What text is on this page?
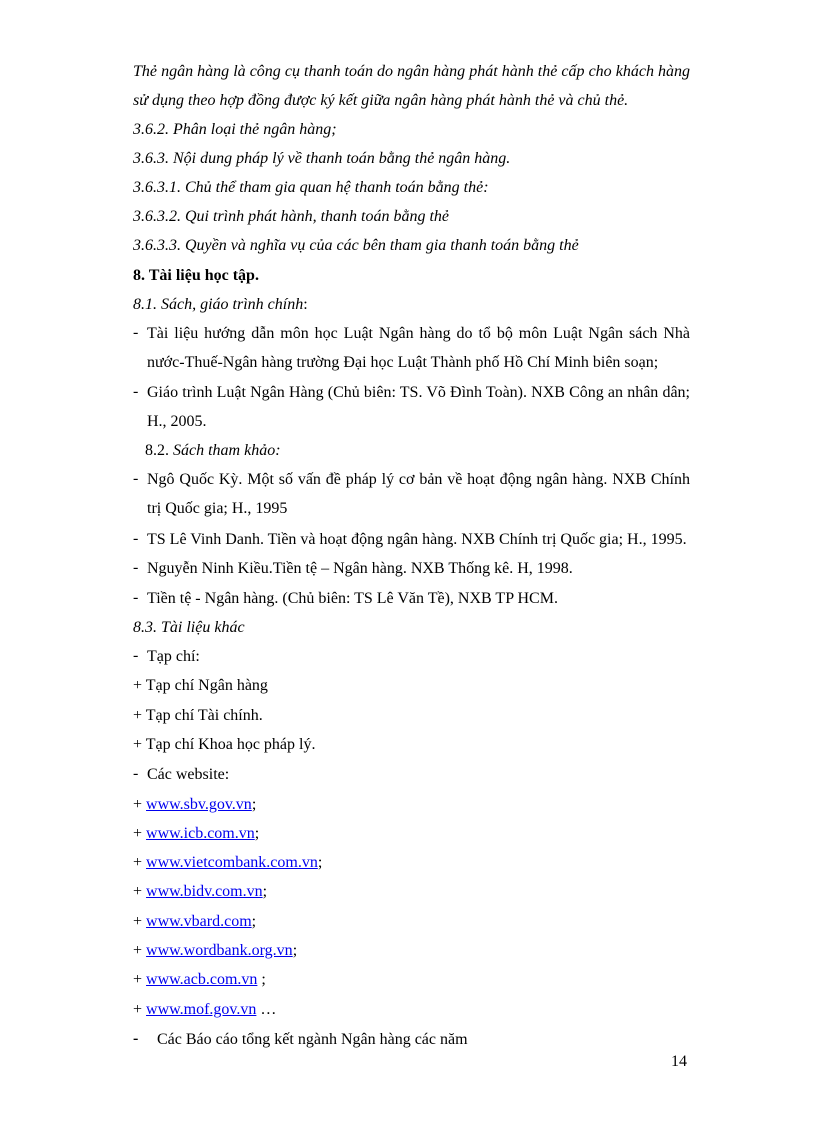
Thẻ ngân hàng là công cụ thanh toán do ngân hàng phát hành thẻ cấp cho khách hàng
sử dụng theo hợp đồng được ký kết giữa ngân hàng phát hành thẻ và chủ thẻ.
3.6.2. Phân loại thẻ ngân hàng;
3.6.3. Nội dung pháp lý về thanh toán bằng thẻ ngân hàng.
3.6.3.1. Chủ thể tham gia quan hệ thanh toán bằng thẻ:
3.6.3.2. Qui trình phát hành, thanh toán bằng thẻ
3.6.3.3. Quyền và nghĩa vụ của các bên tham gia thanh toán bằng thẻ
8. Tài liệu học tập.
8.1. Sách, giáo trình chính:
- Tài liệu hướng dẫn môn học Luật Ngân hàng do tổ bộ môn Luật Ngân sách Nhà
nước-Thuế-Ngân hàng trường Đại học Luật Thành phố Hồ Chí Minh biên soạn;
- Giáo trình Luật Ngân Hàng (Chủ biên: TS. Võ Đình Toàn). NXB Công an nhân dân;
H., 2005.
8.2. Sách tham khảo:
- Ngô Quốc Kỳ. Một số vấn đề pháp lý cơ bản về hoạt động ngân hàng. NXB Chính
trị Quốc gia; H., 1995
- TS Lê Vinh Danh. Tiền và hoạt động ngân hàng. NXB Chính trị Quốc gia; H., 1995.
- Nguyễn Ninh Kiều.Tiền tệ – Ngân hàng. NXB Thống kê. H, 1998.
- Tiền tệ - Ngân hàng. (Chủ biên: TS Lê Văn Tề), NXB TP HCM.
8.3. Tài liệu khác
- Tạp chí:
+ Tạp chí Ngân hàng
+ Tạp chí Tài chính.
+ Tạp chí Khoa học pháp lý.
- Các website:
+ www.sbv.gov.vn;
+ www.icb.com.vn;
+ www.vietcombank.com.vn;
+ www.bidv.com.vn;
+ www.vbard.com;
+ www.wordbank.org.vn;
+ www.acb.com.vn ;
+ www.mof.gov.vn …
- Các Báo cáo tổng kết ngành Ngân hàng các năm
14
